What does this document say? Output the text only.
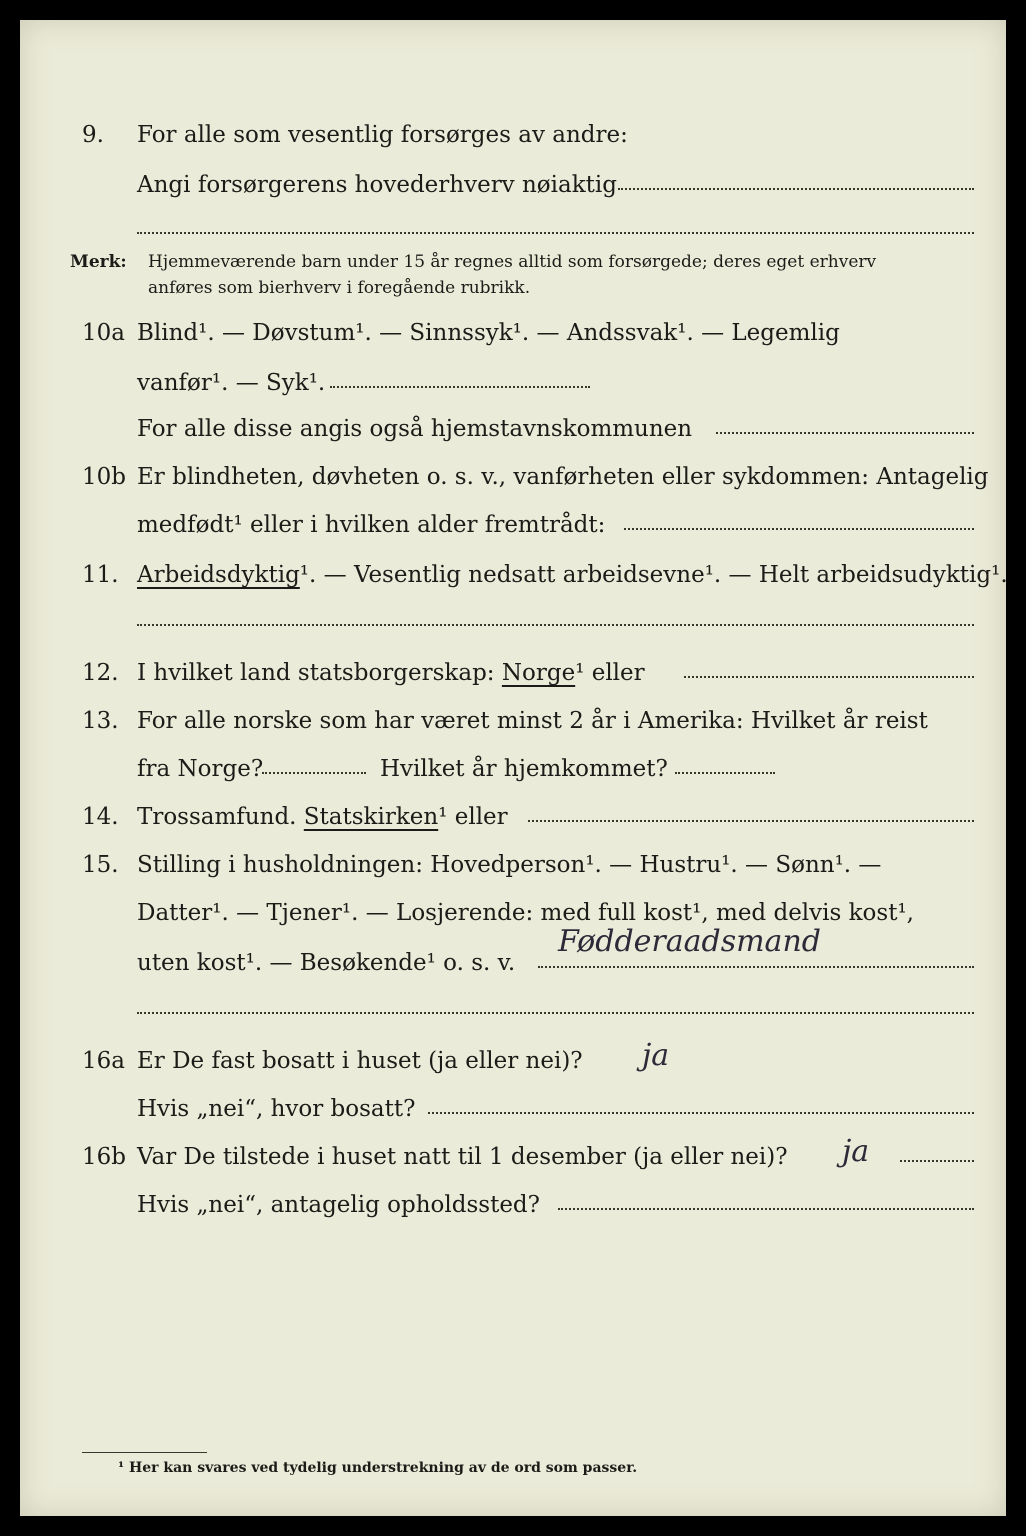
9.	For alle som vesentlig forsørges av andre:
Angi forsørgerens hovederhverv nøiaktig
Merk: Hjemmeværende barn under 15 år regnes alltid som forsørgede; deres eget erhverv
anføres som bierhverv i foregående rubrikk.
10a Blind¹. — Døvstum¹. — Sinnssyk¹. — Andssvak¹. — Legemlig
vanfør¹. — Syk¹.
For alle disse angis også hjemstavnskommunen
10b Er blindheten, døvheten o. s. v., vanførheten eller sykdommen: Antagelig
medfødt¹ eller i hvilken alder fremtrådt:
11. Arbeidsdyktig¹. — Vesentlig nedsatt arbeidsevne¹. — Helt arbeidsudyktig¹.
12. I hvilket land statsborgerskap: Norge¹ eller
13. For alle norske som har været minst 2 år i Amerika: Hvilket år reist
fra Norge?	Hvilket år hjemkommet?
14. Trossamfund. Statskirken¹ eller
15. Stilling i husholdningen: Hovedperson¹. — Hustru¹. — Sønn¹. —
Datter¹. — Tjener¹. — Losjerende: med full kost¹, med delvis kost¹,
uten kost¹. — Besøkende¹ o. s. v.
Fødderaadsmand
16a Er De fast bosatt i huset (ja eller nei)? ja
Hvis „nei“, hvor bosatt?
16b Var De tilstede i huset natt til 1 desember (ja eller nei)? ja
Hvis „nei“, antagelig opholdssted?
¹ Her kan svares ved tydelig understrekning av de ord som passer.
